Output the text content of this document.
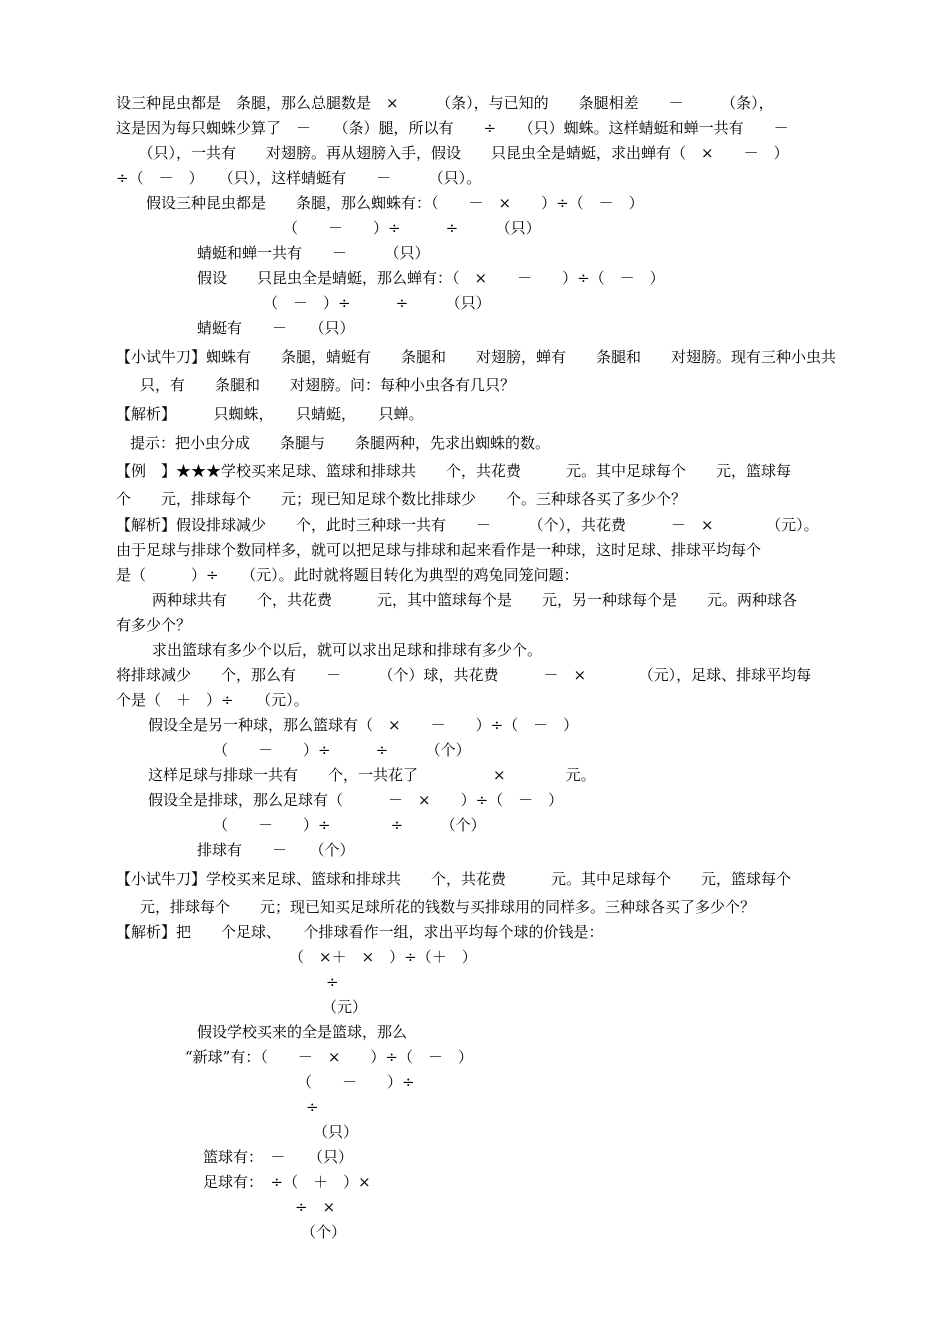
设三种昆虫都是　条腿，那么总腿数是　×　　　（条），与已知的　　条腿相差　　－　　　（条），
这是因为每只蜘蛛少算了　－　　（条）腿，所以有　　÷　　（只）蜘蛛。这样蜻蜓和蝉一共有　　－
　　（只），一共有　　对翅膀。再从翅膀入手，假设　　只昆虫全是蜻蜓，求出蝉有（　×　　－　）
÷（　－　）　　（只），这样蜻蜓有　　－　　　（只）。
　　假设三种昆虫都是　　条腿，那么蜘蛛有：（　　－　×　　）÷（　－　）
（　　－　　）÷　　　÷　　　（只）
蜻蜓和蝉一共有　　－　　　（只）
假设　　只昆虫全是蜻蜓，那么蝉有：（　×　　－　　）÷（　－　）
（　－　）÷　　　÷　　　（只）
蜻蜓有　　－　　（只）
【小试牛刀】蜘蛛有　　条腿，蜻蜓有　　条腿和　　对翅膀，蝉有　　条腿和　　对翅膀。现有三种小虫共
只，有　　条腿和　　对翅膀。问：每种小虫各有几只？
【解析】　　　只蜘蛛，　　只蜻蜓，　　只蝉。
提示：把小虫分成　　条腿与　　条腿两种，先求出蜘蛛的数。
【例　】★★★学校买来足球、篮球和排球共　　个，共花费　　　元。其中足球每个　　元，篮球每
个　　元，排球每个　　元；现已知足球个数比排球少　　个。三种球各买了多少个？
【解析】假设排球减少　　个，此时三种球一共有　　－　　　（个），共花费　　　－　×　　　　（元）。
由于足球与排球个数同样多，就可以把足球与排球和起来看作是一种球，这时足球、排球平均每个
是（　　　）÷　　（元）。此时就将题目转化为典型的鸡兔同笼问题：
两种球共有　　个，共花费　　　元，其中篮球每个是　　元，另一种球每个是　　元。两种球各
有多少个？
求出篮球有多少个以后，就可以求出足球和排球有多少个。
将排球减少　　个，那么有　　－　　　（个）球，共花费　　　－　×　　　　（元），足球、排球平均每
个是（　＋　）÷　　（元）。
假设全是另一种球，那么篮球有（　×　　－　　）÷（　－　）
（　　－　　）÷　　　÷　　　（个）
这样足球与排球一共有　　个，一共花了　　　　　×　　　　元。
假设全是排球，那么足球有（　　　－　×　　）÷（　－　）
（　　－　　）÷　　　　÷　　　（个）
排球有　　－　　（个）
【小试牛刀】学校买来足球、篮球和排球共　　个，共花费　　　元。其中足球每个　　元，篮球每个
元，排球每个　　元；现已知买足球所花的钱数与买排球用的同样多。三种球各买了多少个？
【解析】把　　个足球、　　个排球看作一组，求出平均每个球的价钱是：
（　×＋　×　）÷（＋　）
÷
（元）
假设学校买来的全是篮球，那么
“新球”有：（　　－　×　　）÷（　－　）
（　　－　　）÷
÷
（只）
篮球有：　－　　（只）
足球有：　÷（　＋　）×
÷　×
（个）
